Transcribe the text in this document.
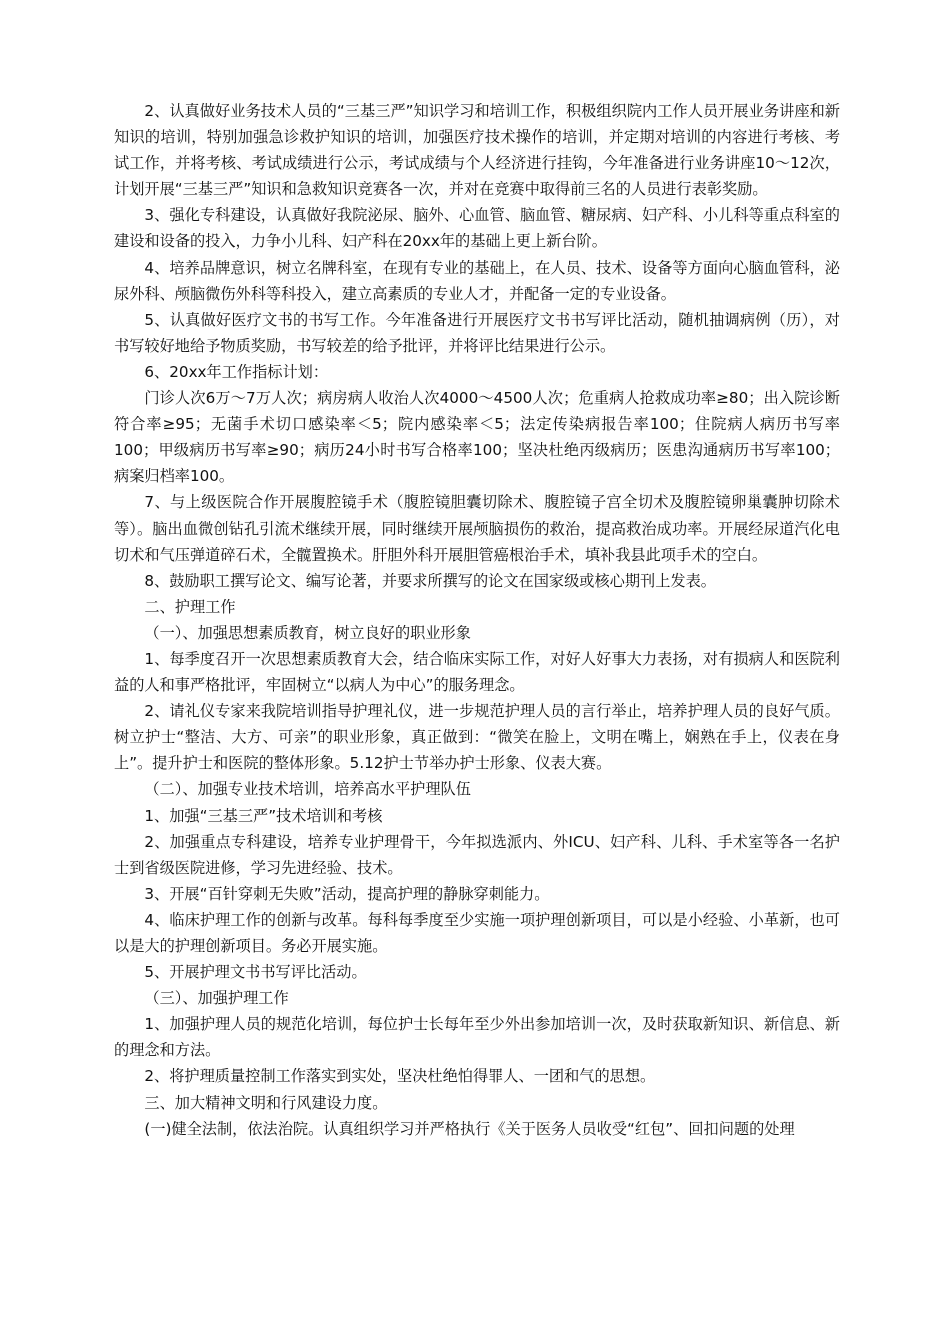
2、认真做好业务技术人员的“三基三严”知识学习和培训工作，积极组织院内工作人员开展业务讲座和新知识的培训，特别加强急诊救护知识的培训，加强医疗技术操作的培训，并定期对培训的内容进行考核、考试工作，并将考核、考试成绩进行公示，考试成绩与个人经济进行挂钩，今年准备进行业务讲座10～12次，计划开展“三基三严”知识和急救知识竞赛各一次，并对在竞赛中取得前三名的人员进行表彰奖励。

3、强化专科建设，认真做好我院泌尿、脑外、心血管、脑血管、糖尿病、妇产科、小儿科等重点科室的建设和设备的投入，力争小儿科、妇产科在20xx年的基础上更上新台阶。

4、培养品牌意识，树立名牌科室，在现有专业的基础上，在人员、技术、设备等方面向心脑血管科，泌尿外科、颅脑微伤外科等科投入，建立高素质的专业人才，并配备一定的专业设备。

5、认真做好医疗文书的书写工作。今年准备进行开展医疗文书书写评比活动，随机抽调病例（历），对书写较好地给予物质奖励，书写较差的给予批评，并将评比结果进行公示。

6、20xx年工作指标计划：

门诊人次6万～7万人次；病房病人收治人次4000～4500人次；危重病人抢救成功率≥80；出入院诊断符合率≥95；无菌手术切口感染率＜5；院内感染率＜5；法定传染病报告率100；住院病人病历书写率100；甲级病历书写率≥90；病历24小时书写合格率100；坚决杜绝丙级病历；医患沟通病历书写率100；病案归档率100。

7、与上级医院合作开展腹腔镜手术（腹腔镜胆囊切除术、腹腔镜子宫全切术及腹腔镜卵巢囊肿切除术等）。脑出血微创钻孔引流术继续开展，同时继续开展颅脑损伤的救治，提高救治成功率。开展经尿道汽化电切术和气压弹道碎石术，全髋置换术。肝胆外科开展胆管癌根治手术，填补我县此项手术的空白。

8、鼓励职工撰写论文、编写论著，并要求所撰写的论文在国家级或核心期刊上发表。

二、护理工作

（一）、加强思想素质教育，树立良好的职业形象

1、每季度召开一次思想素质教育大会，结合临床实际工作，对好人好事大力表扬，对有损病人和医院利益的人和事严格批评，牢固树立“以病人为中心”的服务理念。

2、请礼仪专家来我院培训指导护理礼仪，进一步规范护理人员的言行举止，培养护理人员的良好气质。树立护士“整洁、大方、可亲”的职业形象，真正做到：“微笑在脸上，文明在嘴上，娴熟在手上，仪表在身上”。提升护士和医院的整体形象。5.12护士节举办护士形象、仪表大赛。

（二）、加强专业技术培训，培养高水平护理队伍

1、加强“三基三严”技术培训和考核

2、加强重点专科建设，培养专业护理骨干，今年拟选派内、外ICU、妇产科、儿科、手术室等各一名护士到省级医院进修，学习先进经验、技术。

3、开展“百针穿刺无失败”活动，提高护理的静脉穿刺能力。

4、临床护理工作的创新与改革。每科每季度至少实施一项护理创新项目，可以是小经验、小革新，也可以是大的护理创新项目。务必开展实施。

5、开展护理文书书写评比活动。

（三）、加强护理工作

1、加强护理人员的规范化培训，每位护士长每年至少外出参加培训一次，及时获取新知识、新信息、新的理念和方法。

2、将护理质量控制工作落实到实处，坚决杜绝怕得罪人、一团和气的思想。

三、加大精神文明和行风建设力度。

(一)健全法制，依法治院。认真组织学习并严格执行《关于医务人员收受“红包”、回扣问题的处理
